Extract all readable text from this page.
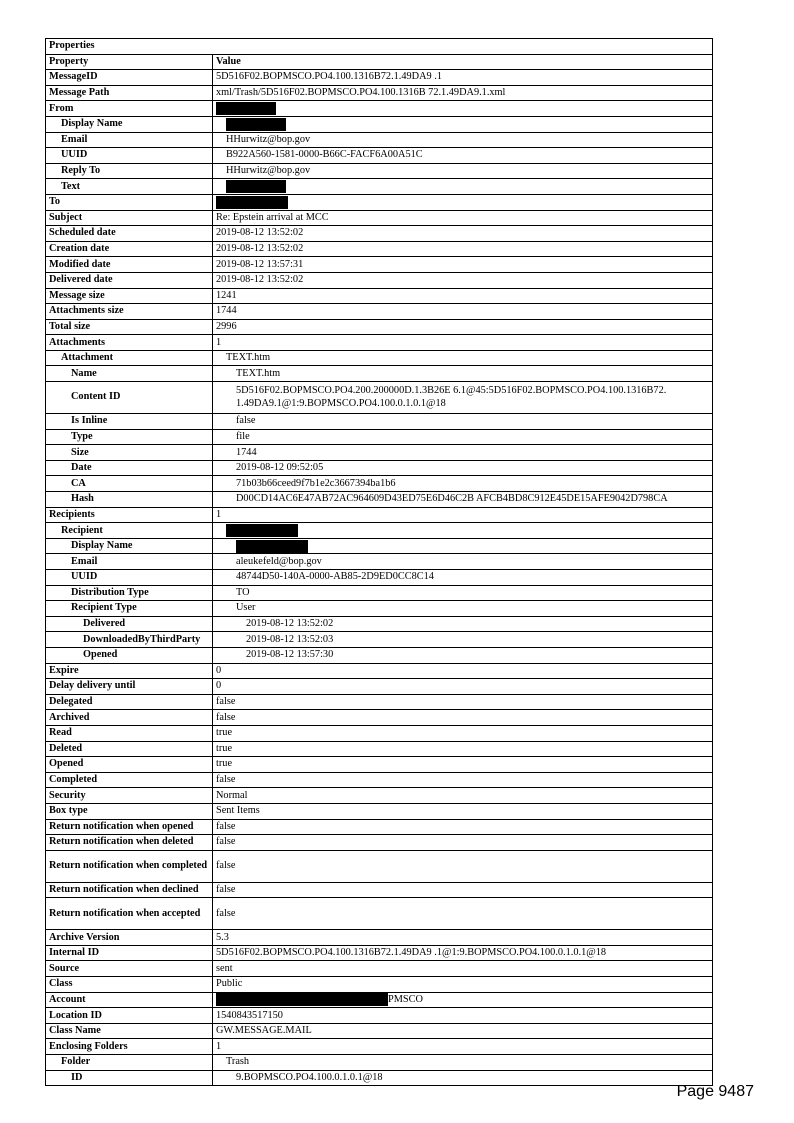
Properties	
Property	Value
MessageID	5D516F02.BOPMSCO.PO4.100.1316B72.1.49DA9 .1
Message Path	xml/Trash/5D516F02.BOPMSCO.PO4.100.1316B 72.1.49DA9.1.xml
From	
Display Name	
Email	HHurwitz@bop.gov
UUID	B922A560-1581-0000-B66C-FACF6A00A51C
Reply To	HHurwitz@bop.gov
Text	
To	
Subject	Re: Epstein arrival at MCC
Scheduled date	2019-08-12 13:52:02
Creation date	2019-08-12 13:52:02
Modified date	2019-08-12 13:57:31
Delivered date	2019-08-12 13:52:02
Message size	1241
Attachments size	1744
Total size	2996
Attachments	1
Attachment	TEXT.htm
Name	TEXT.htm
Content ID	5D516F02.BOPMSCO.PO4.200.200000D.1.3B26E 6.1@45:5D516F02.BOPMSCO.PO4.100.1316B72. 1.49DA9.1@1:9.BOPMSCO.PO4.100.0.1.0.1@18
Is Inline	false
Type	file
Size	1744
Date	2019-08-12 09:52:05
CA	71b03b66ceed9f7b1e2c3667394ba1b6
Hash	D00CD14AC6E47AB72AC964609D43ED75E6D46C2B AFCB4BD8C912E45DE15AFE9042D798CA
Recipients	1
Recipient	
Display Name	
Email	aleukefeld@bop.gov
UUID	48744D50-140A-0000-AB85-2D9ED0CC8C14
Distribution Type	TO
Recipient Type	User
Delivered	2019-08-12 13:52:02
DownloadedByThirdParty	2019-08-12 13:52:03
Opened	2019-08-12 13:57:30
Expire	0
Delay delivery until	0
Delegated	false
Archived	false
Read	true
Deleted	true
Opened	true
Completed	false
Security	Normal
Box type	Sent Items
Return notification when opened	false
Return notification when deleted	false
Return notification when completed	false
Return notification when declined	false
Return notification when accepted	false
Archive Version	5.3
Internal ID	5D516F02.BOPMSCO.PO4.100.1316B72.1.49DA9 .1@1:9.BOPMSCO.PO4.100.0.1.0.1@18
Source	sent
Class	Public
Account	PMSCO
Location ID	1540843517150
Class Name	GW.MESSAGE.MAIL
Enclosing Folders	1
Folder	Trash
ID	9.BOPMSCO.PO4.100.0.1.0.1@18
Page 9487
